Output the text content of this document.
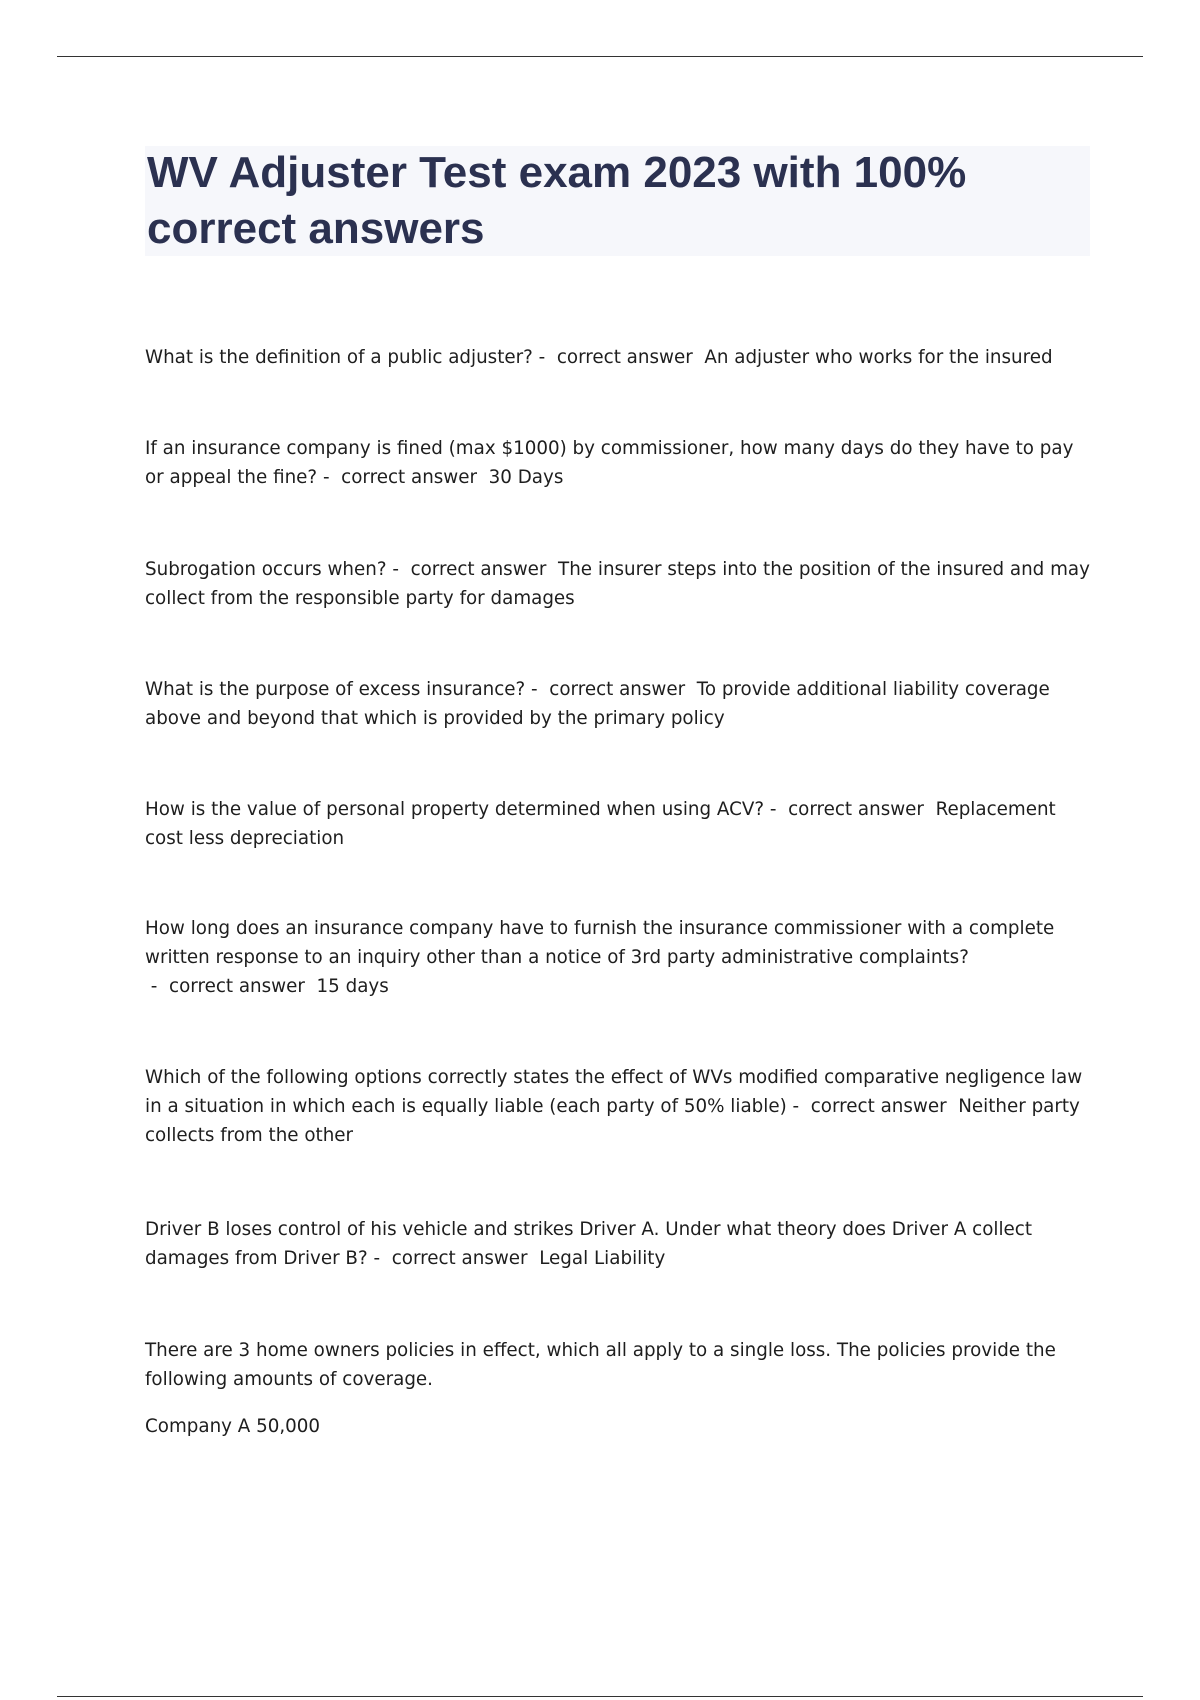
WV Adjuster Test exam 2023 with 100% correct answers

What is the definition of a public adjuster? -  correct answer An adjuster who works for the insured

If an insurance company is fined (max $1000) by commissioner, how many days do they have to pay or appeal the fine? -  correct answer 30 Days

Subrogation occurs when? -  correct answer The insurer steps into the position of the insured and may collect from the responsible party for damages

What is the purpose of excess insurance? -  correct answer To provide additional liability coverage above and beyond that which is provided by the primary policy

How is the value of personal property determined when using ACV? -  correct answer Replacement cost less depreciation

How long does an insurance company have to furnish the insurance commissioner with a complete written response to an inquiry other than a notice of 3rd party administrative complaints? -  correct answer 15 days

Which of the following options correctly states the effect of WVs modified comparative negligence law in a situation in which each is equally liable (each party of 50% liable) -  correct answer Neither party collects from the other

Driver B loses control of his vehicle and strikes Driver A. Under what theory does Driver A collect damages from Driver B? -  correct answer Legal Liability

There are 3 home owners policies in effect, which all apply to a single loss. The policies provide the following amounts of coverage.

Company A 50,000
